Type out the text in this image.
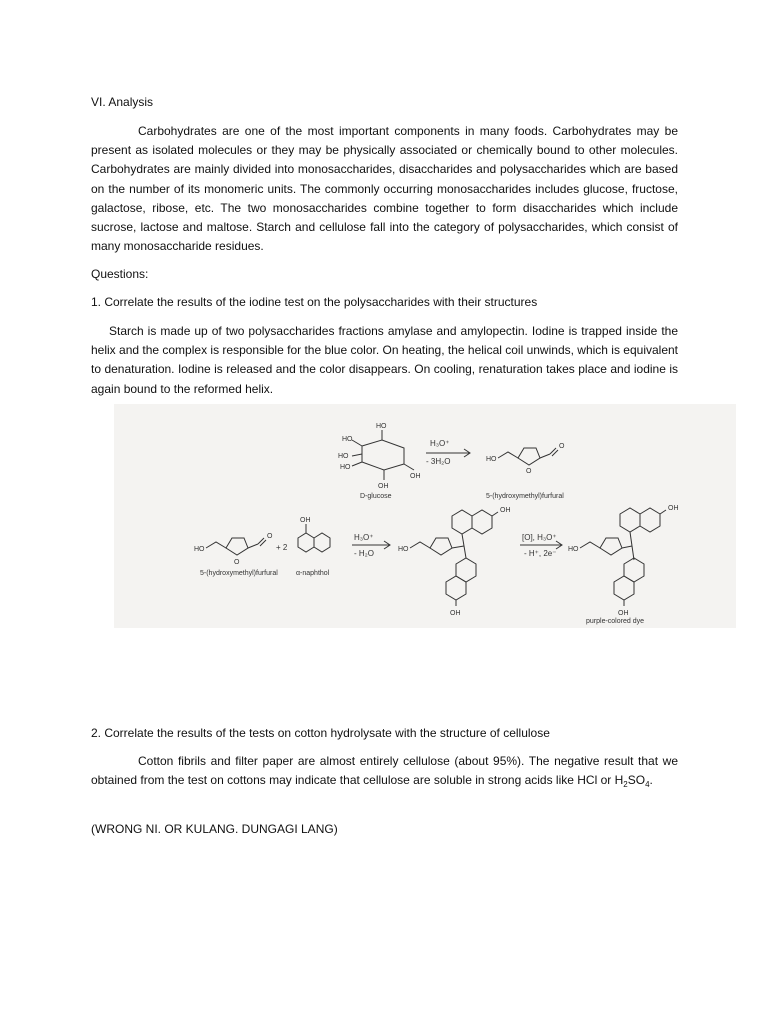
VI. Analysis

Carbohydrates are one of the most important components in many foods. Carbohydrates may be present as isolated molecules or they may be physically associated or chemically bound to other molecules. Carbohydrates are mainly divided into monosaccharides, disaccharides and polysaccharides which are based on the number of its monomeric units. The commonly occurring monosaccharides includes glucose, fructose, galactose, ribose, etc. The two monosaccharides combine together to form disaccharides which include sucrose, lactose and maltose. Starch and cellulose fall into the category of polysaccharides, which consist of many monosaccharide residues.

Questions:

1. Correlate the results of the iodine test on the polysaccharides with their structures

Starch is made up of two polysaccharides fractions amylase and amylopectin. Iodine is trapped inside the helix and the complex is responsible for the blue color. On heating, the helical coil unwinds, which is equivalent to denaturation. Iodine is released and the color disappears. On cooling, renaturation takes place and iodine is again bound to the reformed helix.

HO
HO
HO
HO
OH
OH
HO
O
O
HO
O
O
OH
HO
OH
OH
HO
OH
OH
H₃O⁺
- 3H₂O
D-glucose	5-(hydroxymethyl)furfural
+ 2
H₃O⁺
- H₂O
[O], H₃O⁺
- H⁺, 2e⁻
5-(hydroxymethyl)furfural	α-naphthol
purple-colored dye

2. Correlate the results of the tests on cotton hydrolysate with the structure of cellulose

Cotton fibrils and filter paper are almost entirely cellulose (about 95%). The negative result that we obtained from the test on cottons may indicate that cellulose are soluble in strong acids like HCl or $H_2SO_4$.

(WRONG NI. OR KULANG. DUNGAGI LANG)
